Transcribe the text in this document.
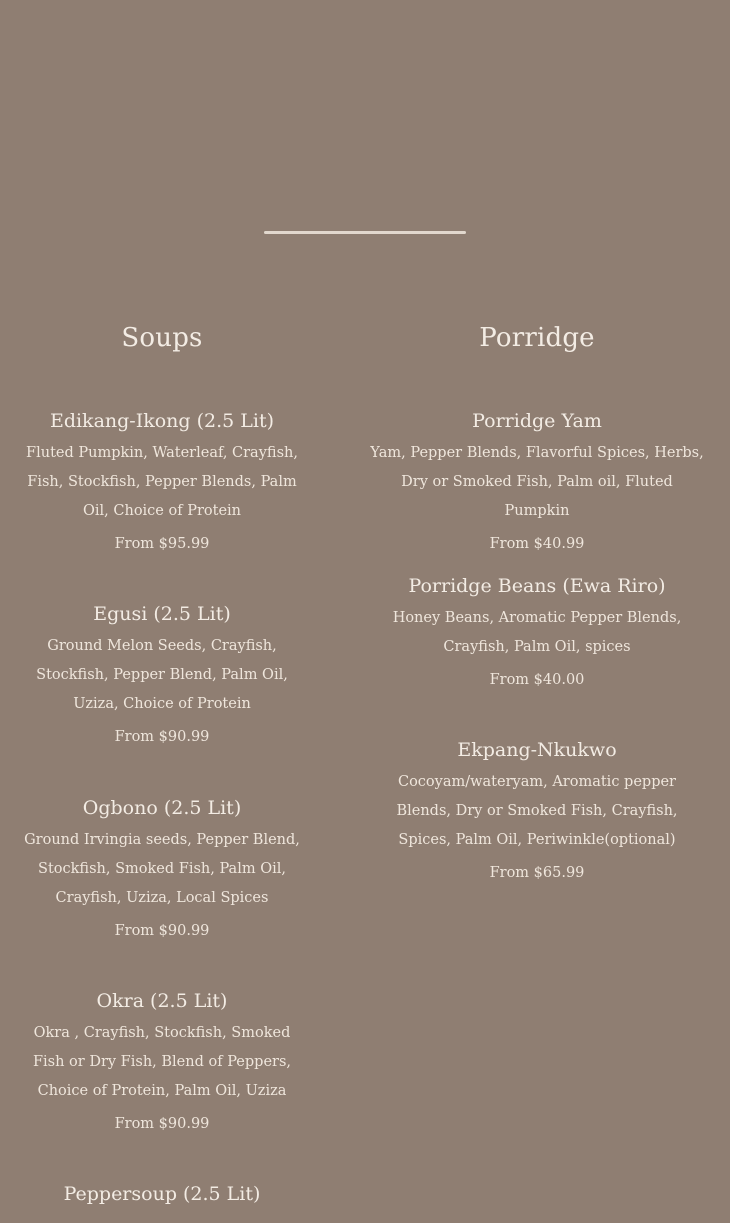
Soups
Edikang-Ikong (2.5 Lit)

Fluted Pumpkin, Waterleaf, Crayfish, Fish, Stockfish, Pepper Blends, Palm Oil, Choice of Protein

From $95.99

Egusi (2.5 Lit)

Ground Melon Seeds, Crayfish, Stockfish, Pepper Blend, Palm Oil, Uziza, Choice of Protein

From $90.99

Ogbono (2.5 Lit)

Ground Irvingia seeds, Pepper Blend, Stockfish, Smoked Fish, Palm Oil, Crayfish, Uziza, Local Spices

From $90.99

Okra (2.5 Lit)

Okra , Crayfish, Stockfish, Smoked Fish or Dry Fish, Blend of Peppers, Choice of Protein, Palm Oil, Uziza

From $90.99

Peppersoup (2.5 Lit)
Porridge
Porridge Yam

Yam, Pepper Blends, Flavorful Spices, Herbs, Dry or Smoked Fish, Palm oil, Fluted Pumpkin

From $40.99

Porridge Beans (Ewa Riro)

Honey Beans, Aromatic Pepper Blends, Crayfish, Palm Oil, spices

From $40.00

Ekpang-Nkukwo

Cocoyam/wateryam, Aromatic pepper Blends, Dry or Smoked Fish, Crayfish, Spices, Palm Oil, Periwinkle(optional)

From $65.99
